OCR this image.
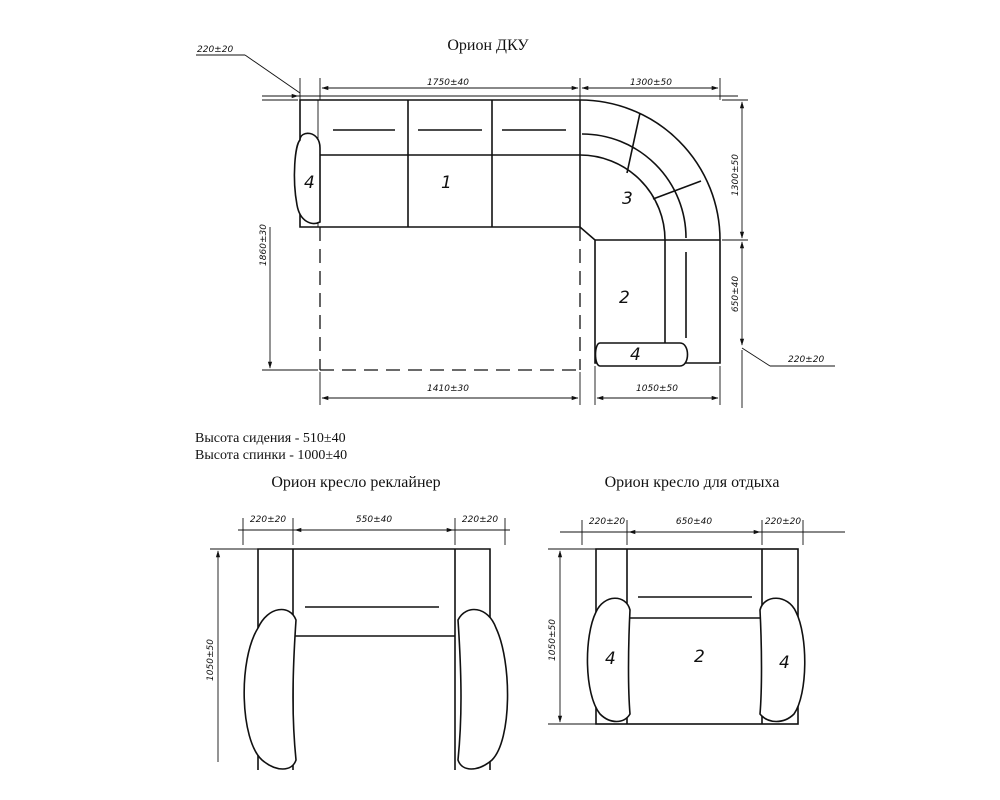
Орион ДКУ
4	1
3
2
4
1750±40	1300±50
220±20
1300±50
650±40
220±20
1860±30
1410±30	1050±50
Высота сидения - 510±40
Высота спинки - 1000±40
Орион кресло реклайнер
220±20	550±40	220±20
1050±50
Орион кресло для отдыха
220±20	650±40	220±20
1050±50	4	2	4
